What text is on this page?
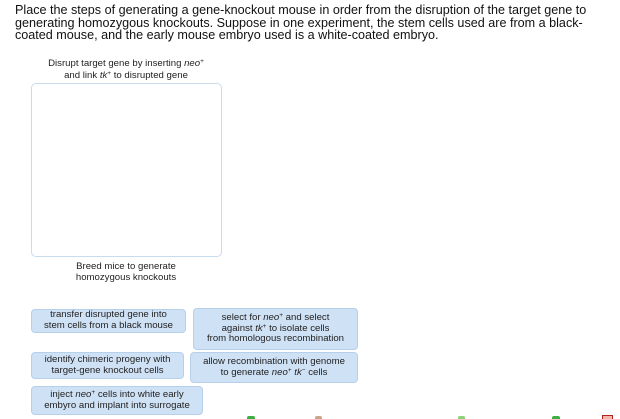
Place the steps of generating a gene-knockout mouse in order from the disruption of the target gene to generating homozygous knockouts. Suppose in one experiment, the stem cells used are from a black-coated mouse, and the early mouse embryo used is a white-coated embryo.
Disrupt target gene by inserting neo+
and link tk+ to disrupted gene
Breed mice to generate
homozygous knockouts
transfer disrupted gene into
stem cells from a black mouse
select for neo+ and select
against tk+ to isolate cells
from homologous recombination
identify chimeric progeny with
target-gene knockout cells
allow recombination with genome
to generate neo+ tk− cells
inject neo+ cells into white early
embyro and implant into surrogate
